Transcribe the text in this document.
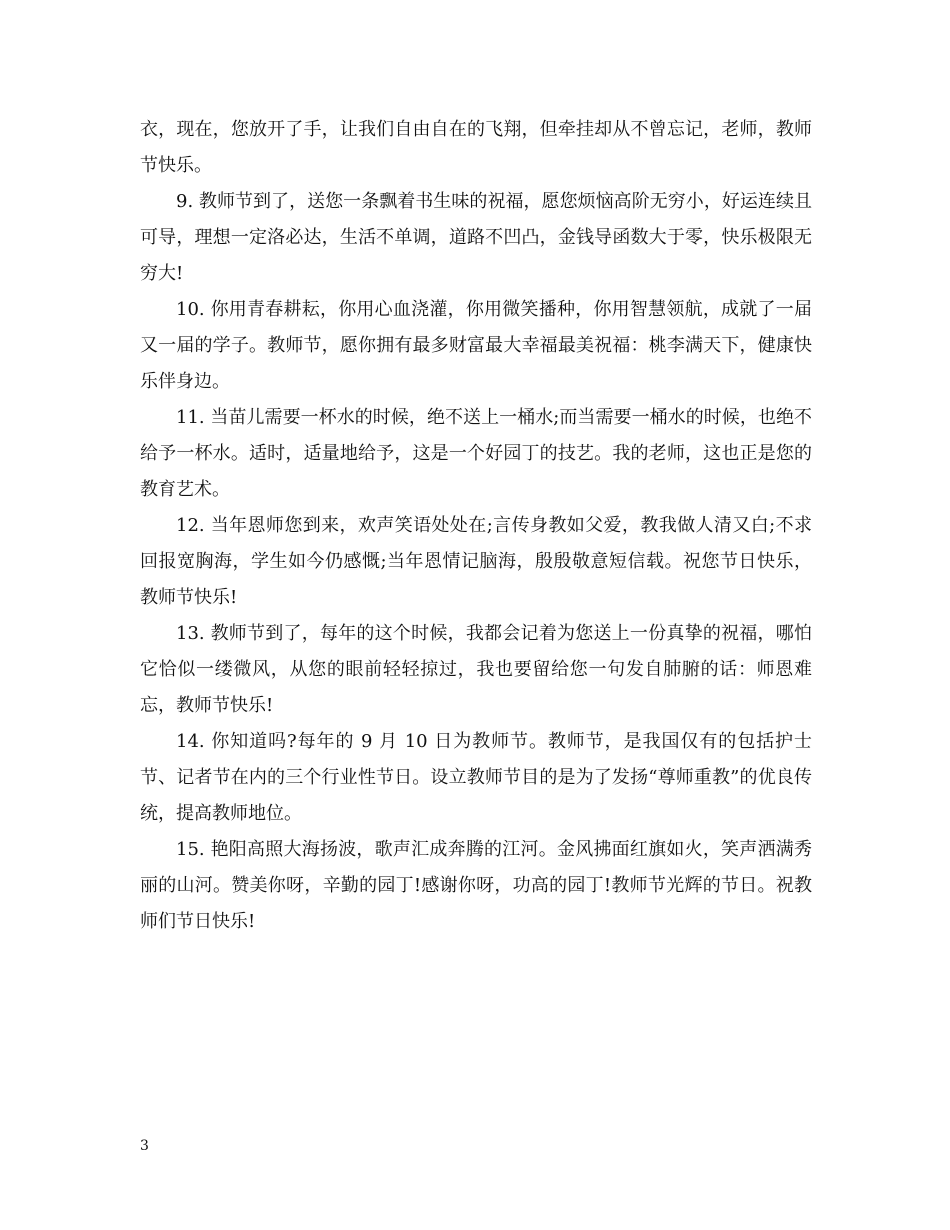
衣，现在，您放开了手，让我们自由自在的飞翔，但牵挂却从不曾忘记，老师，教师节快乐。

9. 教师节到了，送您一条飘着书生味的祝福，愿您烦恼高阶无穷小，好运连续且可导，理想一定洛必达，生活不单调，道路不凹凸，金钱导函数大于零，快乐极限无穷大!

10. 你用青春耕耘，你用心血浇灌，你用微笑播种，你用智慧领航，成就了一届又一届的学子。教师节，愿你拥有最多财富最大幸福最美祝福：桃李满天下，健康快乐伴身边。

11. 当苗儿需要一杯水的时候，绝不送上一桶水;而当需要一桶水的时候，也绝不给予一杯水。适时，适量地给予，这是一个好园丁的技艺。我的老师，这也正是您的教育艺术。

12. 当年恩师您到来，欢声笑语处处在;言传身教如父爱，教我做人清又白;不求回报宽胸海，学生如今仍感慨;当年恩情记脑海，殷殷敬意短信载。祝您节日快乐，教师节快乐!

13. 教师节到了，每年的这个时候，我都会记着为您送上一份真挚的祝福，哪怕它恰似一缕微风，从您的眼前轻轻掠过，我也要留给您一句发自肺腑的话：师恩难忘，教师节快乐!

14. 你知道吗?每年的 9 月 10 日为教师节。教师节，是我国仅有的包括护士节、记者节在内的三个行业性节日。设立教师节目的是为了发扬“尊师重教”的优良传统，提高教师地位。

15. 艳阳高照大海扬波，歌声汇成奔腾的江河。金风拂面红旗如火，笑声洒满秀丽的山河。赞美你呀，辛勤的园丁!感谢你呀，功高的园丁!教师节光辉的节日。祝教师们节日快乐!

3
